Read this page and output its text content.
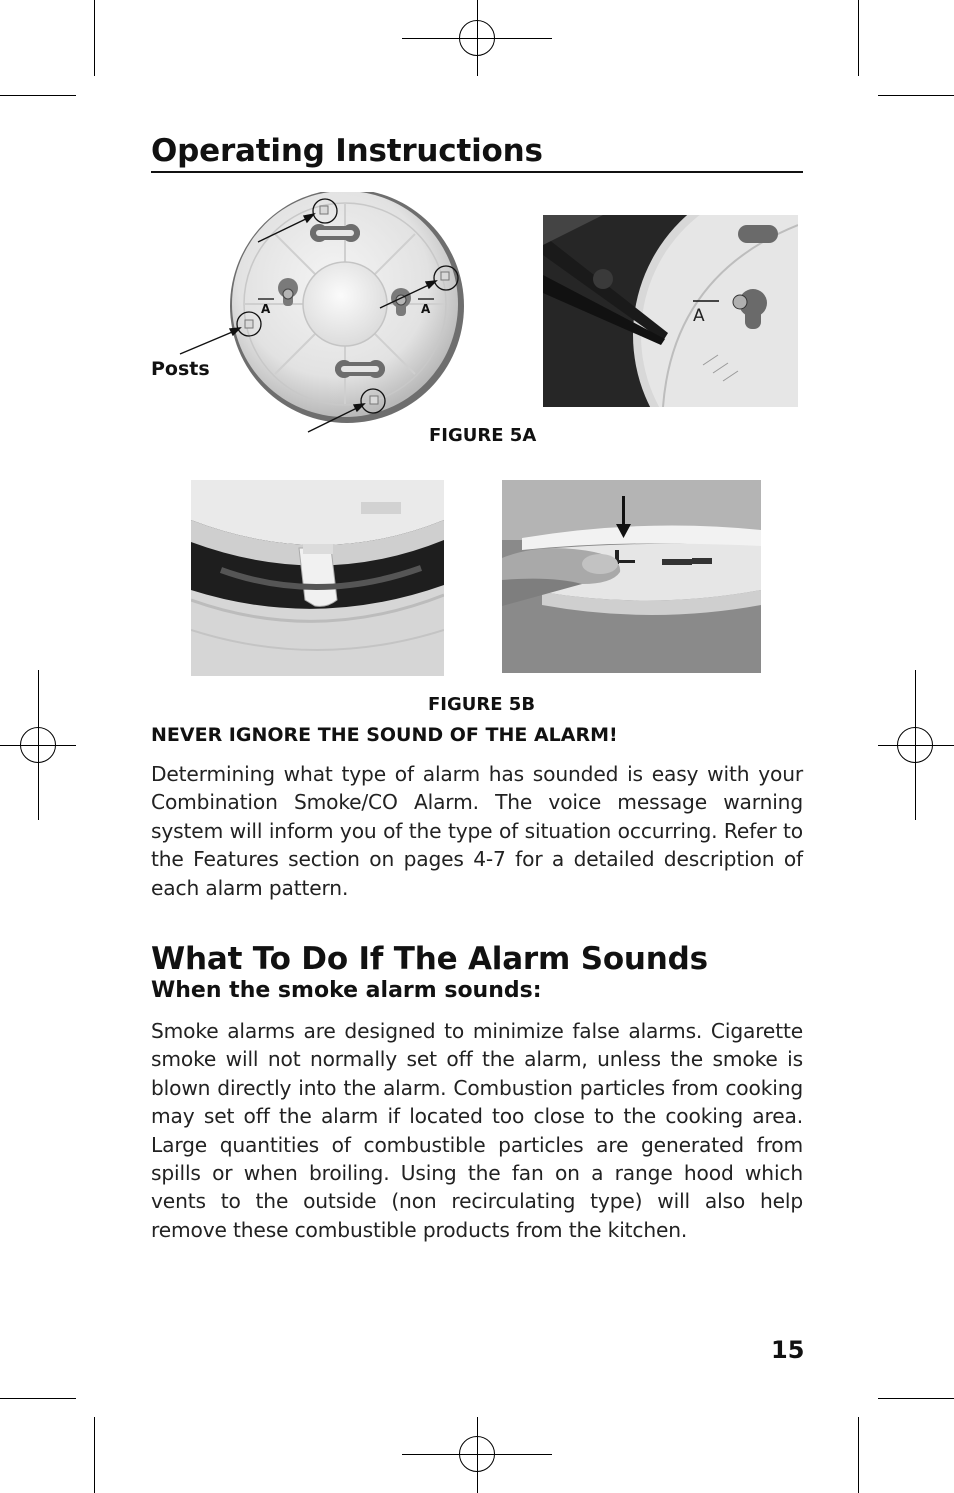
Operating Instructions
A	A
Posts
A
FIGURE 5A
FIGURE 5B
NEVER IGNORE THE SOUND OF THE ALARM!
Determining what type of alarm has sounded is easy with your Combination Smoke/CO Alarm. The voice message warning system will inform you of the type of situation occurring. Refer to the Features section on pages 4-7 for a detailed description of each alarm pattern.
What To Do If The Alarm Sounds
When the smoke alarm sounds:
Smoke alarms are designed to minimize false alarms. Cigarette smoke will not normally set off the alarm, unless the smoke is blown directly into the alarm. Combustion particles from cooking may set off the alarm if located too close to the cooking area. Large quantities of combustible particles are generated from spills or when broiling. Using the fan on a range hood which vents to the outside (non recirculating type) will also help remove these combustible products from the kitchen.
15
